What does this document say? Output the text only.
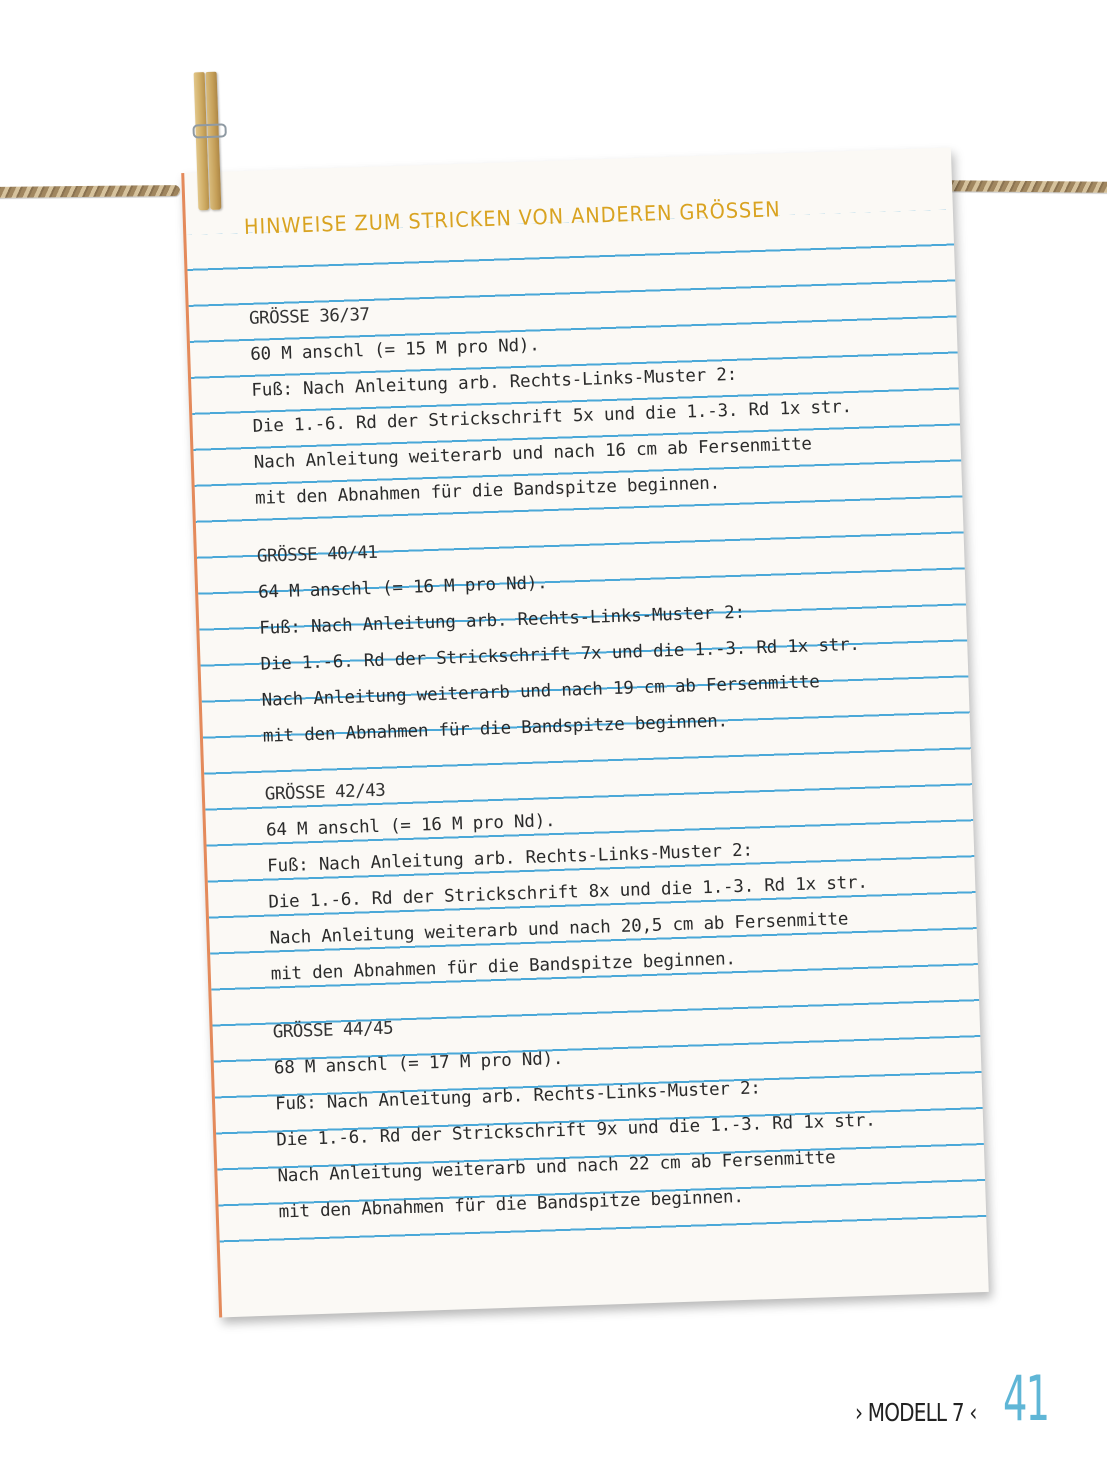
HINWEISE ZUM STRICKEN VON ANDEREN GRÖSSEN
GRÖSSE 36/37
60 M anschl (= 15 M pro Nd).
Fuß: Nach Anleitung arb. Rechts-Links-Muster 2:
Die 1.-6. Rd der Strickschrift 5x und die 1.-3. Rd 1x str.
Nach Anleitung weiterarb und nach 16 cm ab Fersenmitte
mit den Abnahmen für die Bandspitze beginnen.
GRÖSSE 40/41
64 M anschl (= 16 M pro Nd).
Fuß: Nach Anleitung arb. Rechts-Links-Muster 2:
Die 1.-6. Rd der Strickschrift 7x und die 1.-3. Rd 1x str.
Nach Anleitung weiterarb und nach 19 cm ab Fersenmitte
mit den Abnahmen für die Bandspitze beginnen.
GRÖSSE 42/43
64 M anschl (= 16 M pro Nd).
Fuß: Nach Anleitung arb. Rechts-Links-Muster 2:
Die 1.-6. Rd der Strickschrift 8x und die 1.-3. Rd 1x str.
Nach Anleitung weiterarb und nach 20,5 cm ab Fersenmitte
mit den Abnahmen für die Bandspitze beginnen.
GRÖSSE 44/45
68 M anschl (= 17 M pro Nd).
Fuß: Nach Anleitung arb. Rechts-Links-Muster 2:
Die 1.-6. Rd der Strickschrift 9x und die 1.-3. Rd 1x str.
Nach Anleitung weiterarb und nach 22 cm ab Fersenmitte
mit den Abnahmen für die Bandspitze beginnen.
› MODELL 7 ‹ 41
